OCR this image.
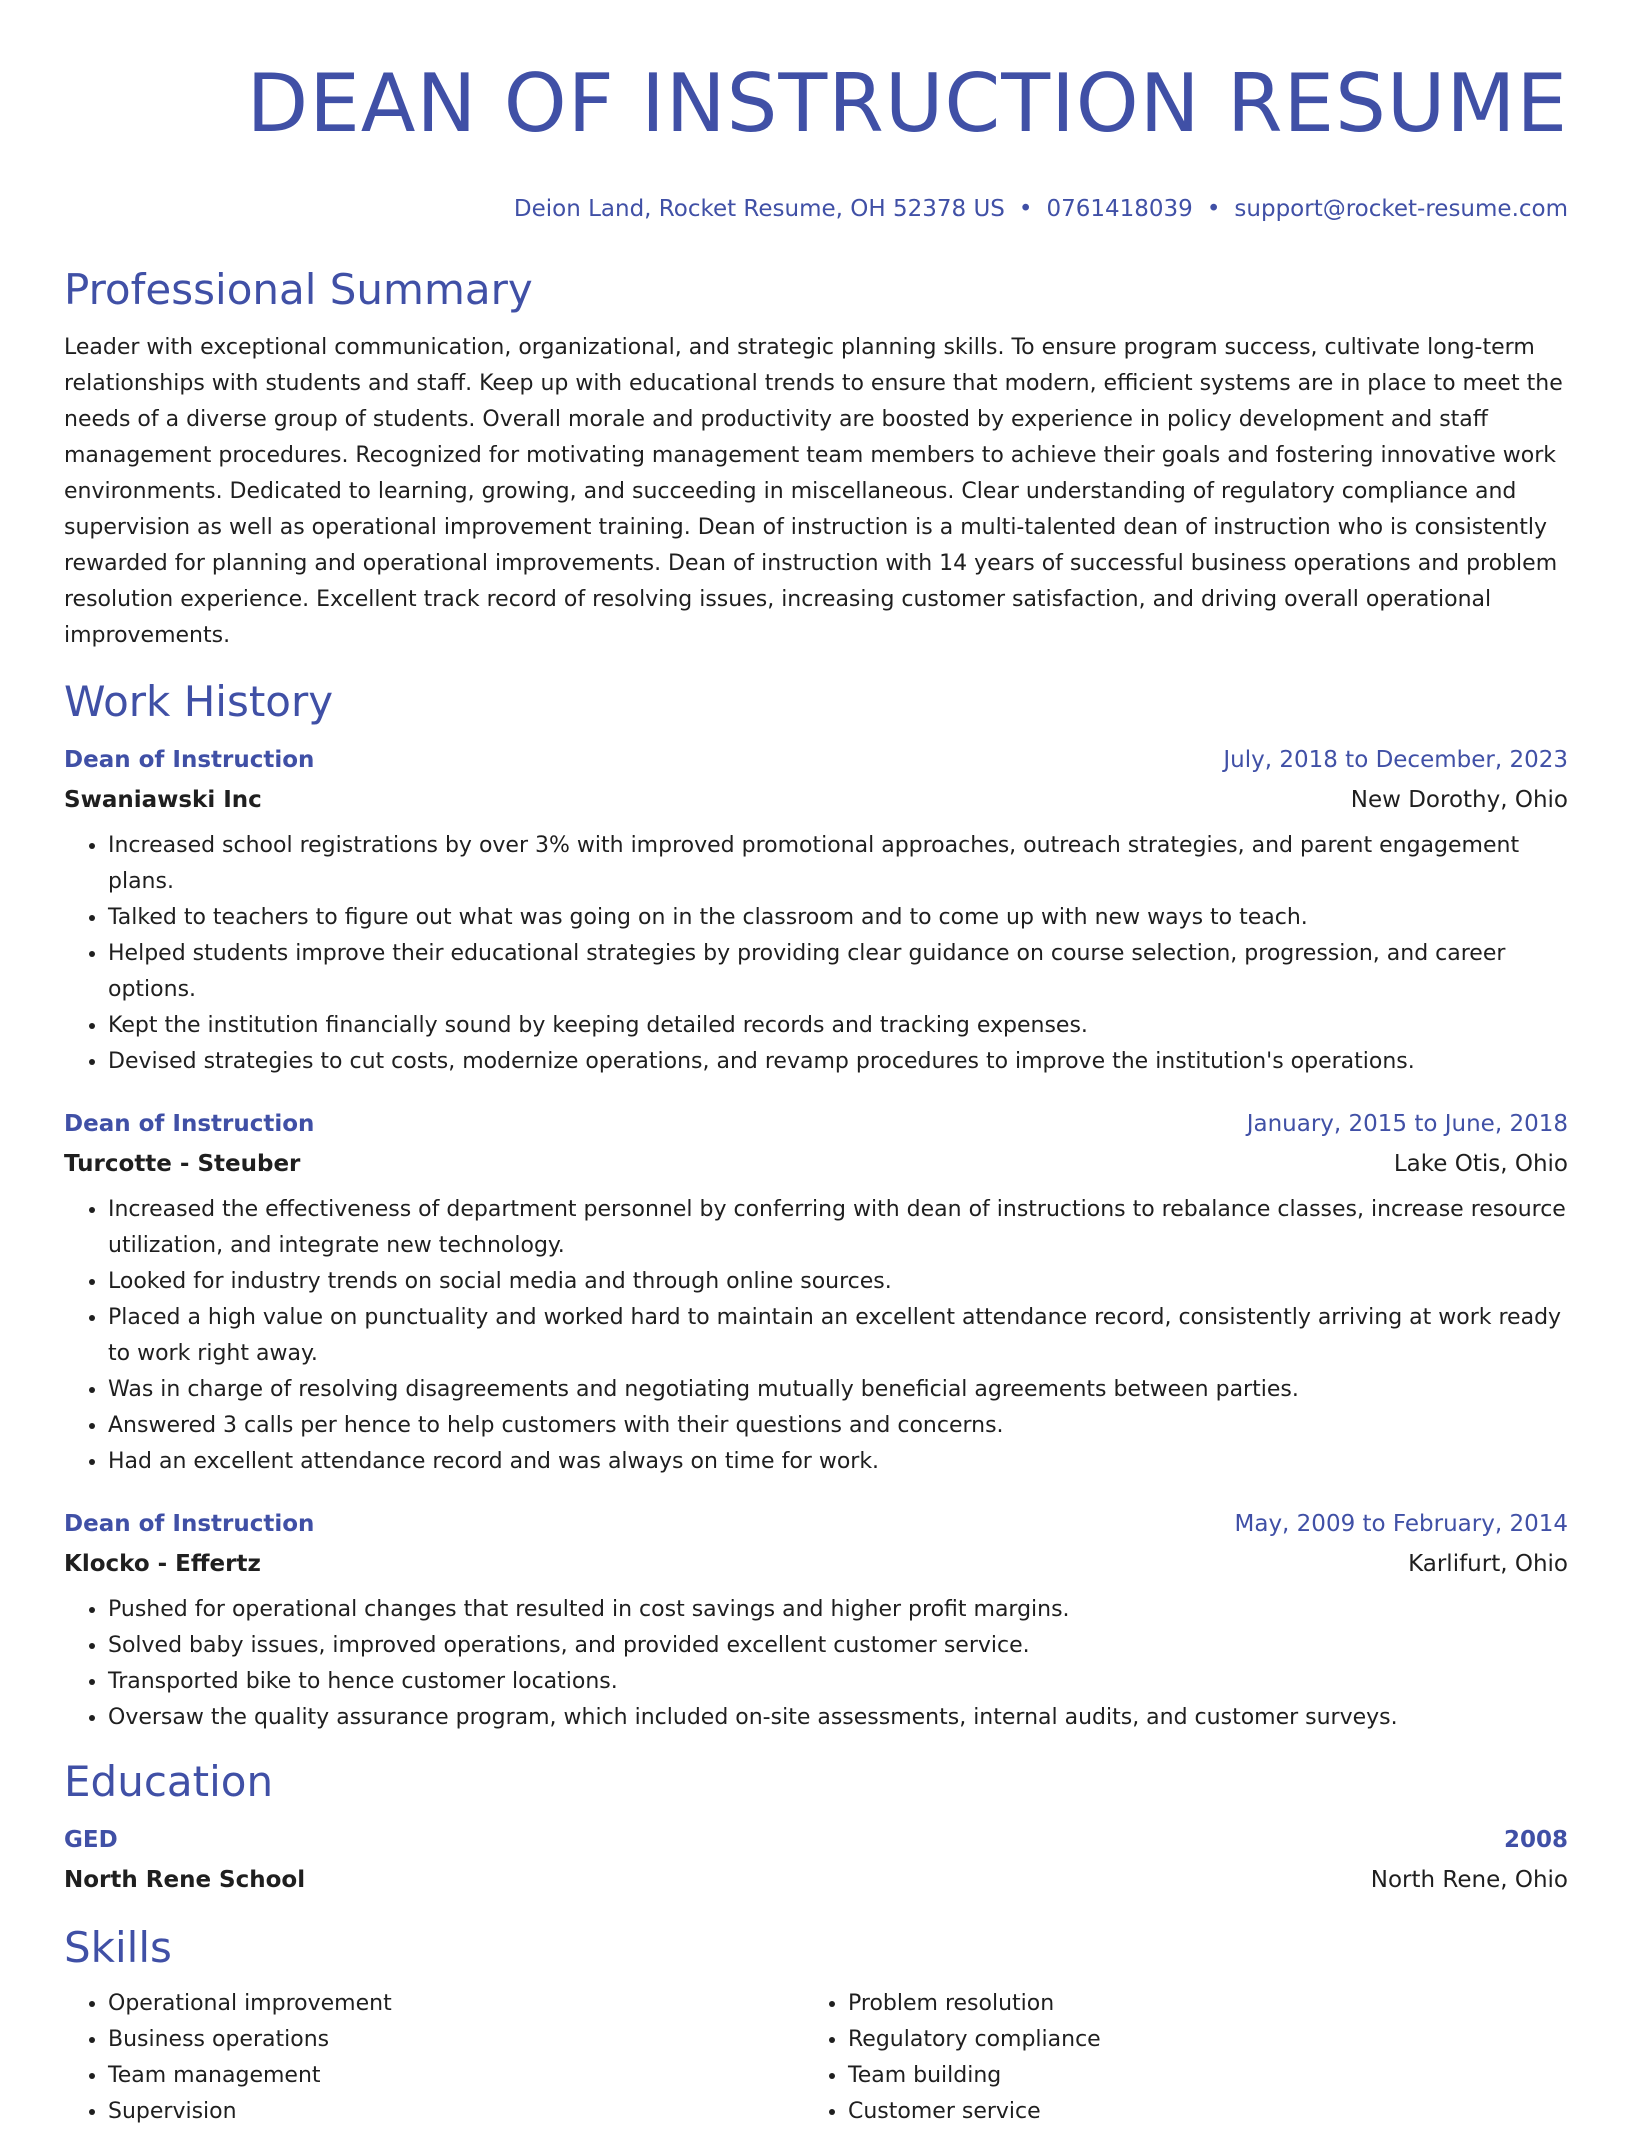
DEAN OF INSTRUCTION RESUME
Deion Land, Rocket Resume, OH 52378 US • 0761418039 • support@rocket-resume.com
Professional Summary

Leader with exceptional communication, organizational, and strategic planning skills. To ensure program success, cultivate long-term relationships with students and staff. Keep up with educational trends to ensure that modern, efficient systems are in place to meet the needs of a diverse group of students. Overall morale and productivity are boosted by experience in policy development and staff management procedures. Recognized for motivating management team members to achieve their goals and fostering innovative work environments. Dedicated to learning, growing, and succeeding in miscellaneous. Clear understanding of regulatory compliance and supervision as well as operational improvement training. Dean of instruction is a multi-talented dean of instruction who is consistently rewarded for planning and operational improvements. Dean of instruction with 14 years of successful business operations and problem resolution experience. Excellent track record of resolving issues, increasing customer satisfaction, and driving overall operational improvements.

Work History
Dean of Instruction	July, 2018 to December, 2023
Swaniawski Inc	New Dorothy, Ohio
• Increased school registrations by over 3% with improved promotional approaches, outreach strategies, and parent engagement plans.
• Talked to teachers to figure out what was going on in the classroom and to come up with new ways to teach.
• Helped students improve their educational strategies by providing clear guidance on course selection, progression, and career options.
• Kept the institution financially sound by keeping detailed records and tracking expenses.
• Devised strategies to cut costs, modernize operations, and revamp procedures to improve the institution's operations.
Dean of Instruction	January, 2015 to June, 2018
Turcotte - Steuber	Lake Otis, Ohio
• Increased the effectiveness of department personnel by conferring with dean of instructions to rebalance classes, increase resource utilization, and integrate new technology.
• Looked for industry trends on social media and through online sources.
• Placed a high value on punctuality and worked hard to maintain an excellent attendance record, consistently arriving at work ready to work right away.
• Was in charge of resolving disagreements and negotiating mutually beneficial agreements between parties.
• Answered 3 calls per hence to help customers with their questions and concerns.
• Had an excellent attendance record and was always on time for work.
Dean of Instruction	May, 2009 to February, 2014
Klocko - Effertz	Karlifurt, Ohio
• Pushed for operational changes that resulted in cost savings and higher profit margins.
• Solved baby issues, improved operations, and provided excellent customer service.
• Transported bike to hence customer locations.
• Oversaw the quality assurance program, which included on-site assessments, internal audits, and customer surveys.
Education
GED	2008
North Rene School	North Rene, Ohio
Skills
• Operational improvement
• Business operations
• Team management
• Supervision
• Problem resolution
• Regulatory compliance
• Team building
• Customer service
